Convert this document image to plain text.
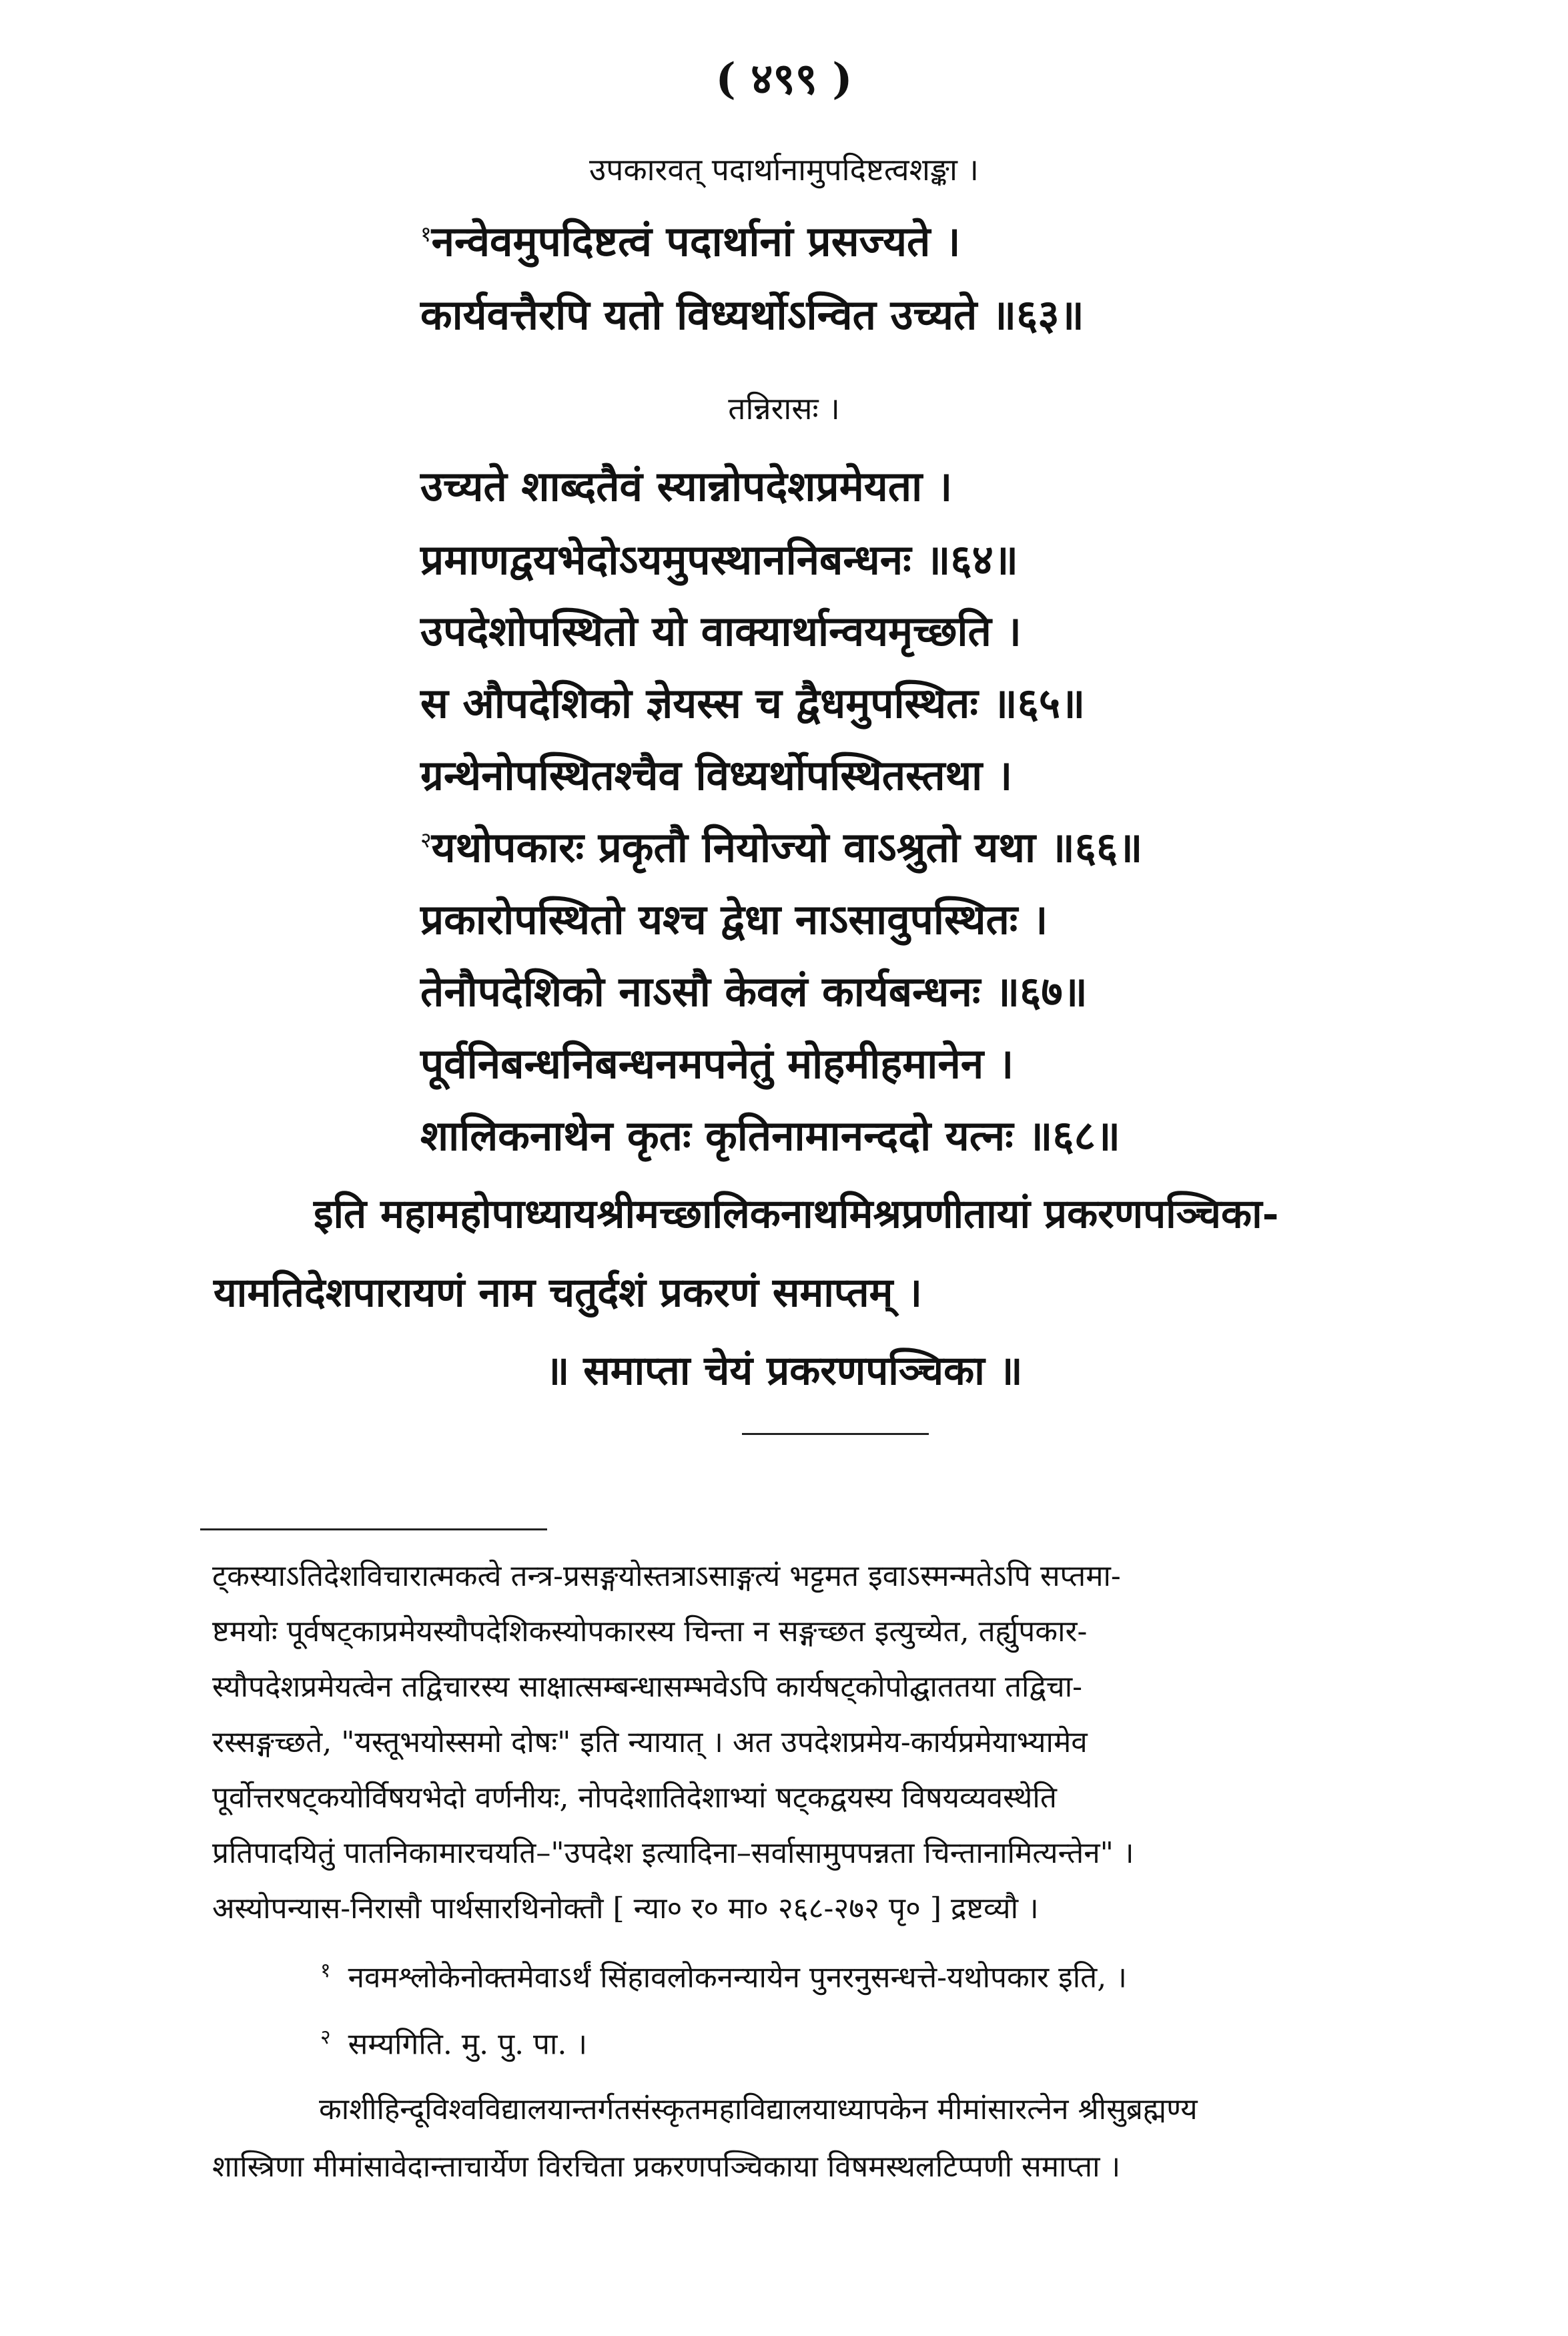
( ४९९ )
उपकारवत् पदार्थानामुपदिष्टत्वशङ्का ।
$^१$नन्वेवमुपदिष्टत्वं पदार्थानां प्रसज्यते ।
कार्यवत्तैरपि यतो विध्यर्थोऽन्वित उच्यते ॥६३॥
तन्निरासः ।
उच्यते शाब्दतैवं स्यान्नोपदेशप्रमेयता ।
प्रमाणद्वयभेदोऽयमुपस्थाननिबन्धनः ॥६४॥
उपदेशोपस्थितो यो वाक्यार्थान्वयमृच्छति ।
स औपदेशिको ज्ञेयस्स च द्वैधमुपस्थितः ॥६५॥
ग्रन्थेनोपस्थितश्चैव विध्यर्थोपस्थितस्तथा ।
$^२$यथोपकारः प्रकृतौ नियोज्यो वाऽश्रुतो यथा ॥६६॥
प्रकारोपस्थितो यश्च द्वेधा नाऽसावुपस्थितः ।
तेनौपदेशिको नाऽसौ केवलं कार्यबन्धनः ॥६७॥
पूर्वनिबन्धनिबन्धनमपनेतुं मोहमीहमानेन ।
शालिकनाथेन कृतः कृतिनामानन्ददो यत्नः ॥६८॥
इति महामहोपाध्यायश्रीमच्छालिकनाथमिश्रप्रणीतायां प्रकरणपञ्चिका-
यामतिदेशपारायणं नाम चतुर्दशं प्रकरणं समाप्तम् ।
॥ समाप्ता चेयं प्रकरणपञ्चिका ॥
ट्कस्याऽतिदेशविचारात्मकत्वे तन्त्र-प्रसङ्गयोस्तत्राऽसाङ्गत्यं भट्टमत इवाऽस्मन्मतेऽपि सप्तमा-
ष्टमयोः पूर्वषट्काप्रमेयस्यौपदेशिकस्योपकारस्य चिन्ता न सङ्गच्छत इत्युच्येत, तर्ह्युपकार-
स्यौपदेशप्रमेयत्वेन तद्विचारस्य साक्षात्सम्बन्धासम्भवेऽपि कार्यषट्कोपोद्घाततया तद्विचा-
रस्सङ्गच्छते, "यस्तूभयोस्समो दोषः" इति न्यायात् । अत उपदेशप्रमेय-कार्यप्रमेयाभ्यामेव
पूर्वोत्तरषट्कयोर्विषयभेदो वर्णनीयः, नोपदेशातिदेशाभ्यां षट्कद्वयस्य विषयव्यवस्थेति
प्रतिपादयितुं पातनिकामारचयति–"उपदेश इत्यादिना–सर्वासामुपपन्नता चिन्तानामित्यन्तेन" ।
अस्योपन्यास-निरासौ पार्थसारथिनोक्तौ [ न्या० र० मा० २६८-२७२ पृ० ] द्रष्टव्यौ ।
$^१$ नवमश्लोकेनोक्तमेवाऽर्थं सिंहावलोकनन्यायेन पुनरनुसन्धत्ते-यथोपकार इति, ।
$^२$ सम्यगिति. मु. पु. पा. ।
काशीहिन्दूविश्वविद्यालयान्तर्गतसंस्कृतमहाविद्यालयाध्यापकेन मीमांसारत्नेन श्रीसुब्रह्मण्य
शास्त्रिणा मीमांसावेदान्ताचार्येण विरचिता प्रकरणपञ्चिकाया विषमस्थलटिप्पणी समाप्ता ।
